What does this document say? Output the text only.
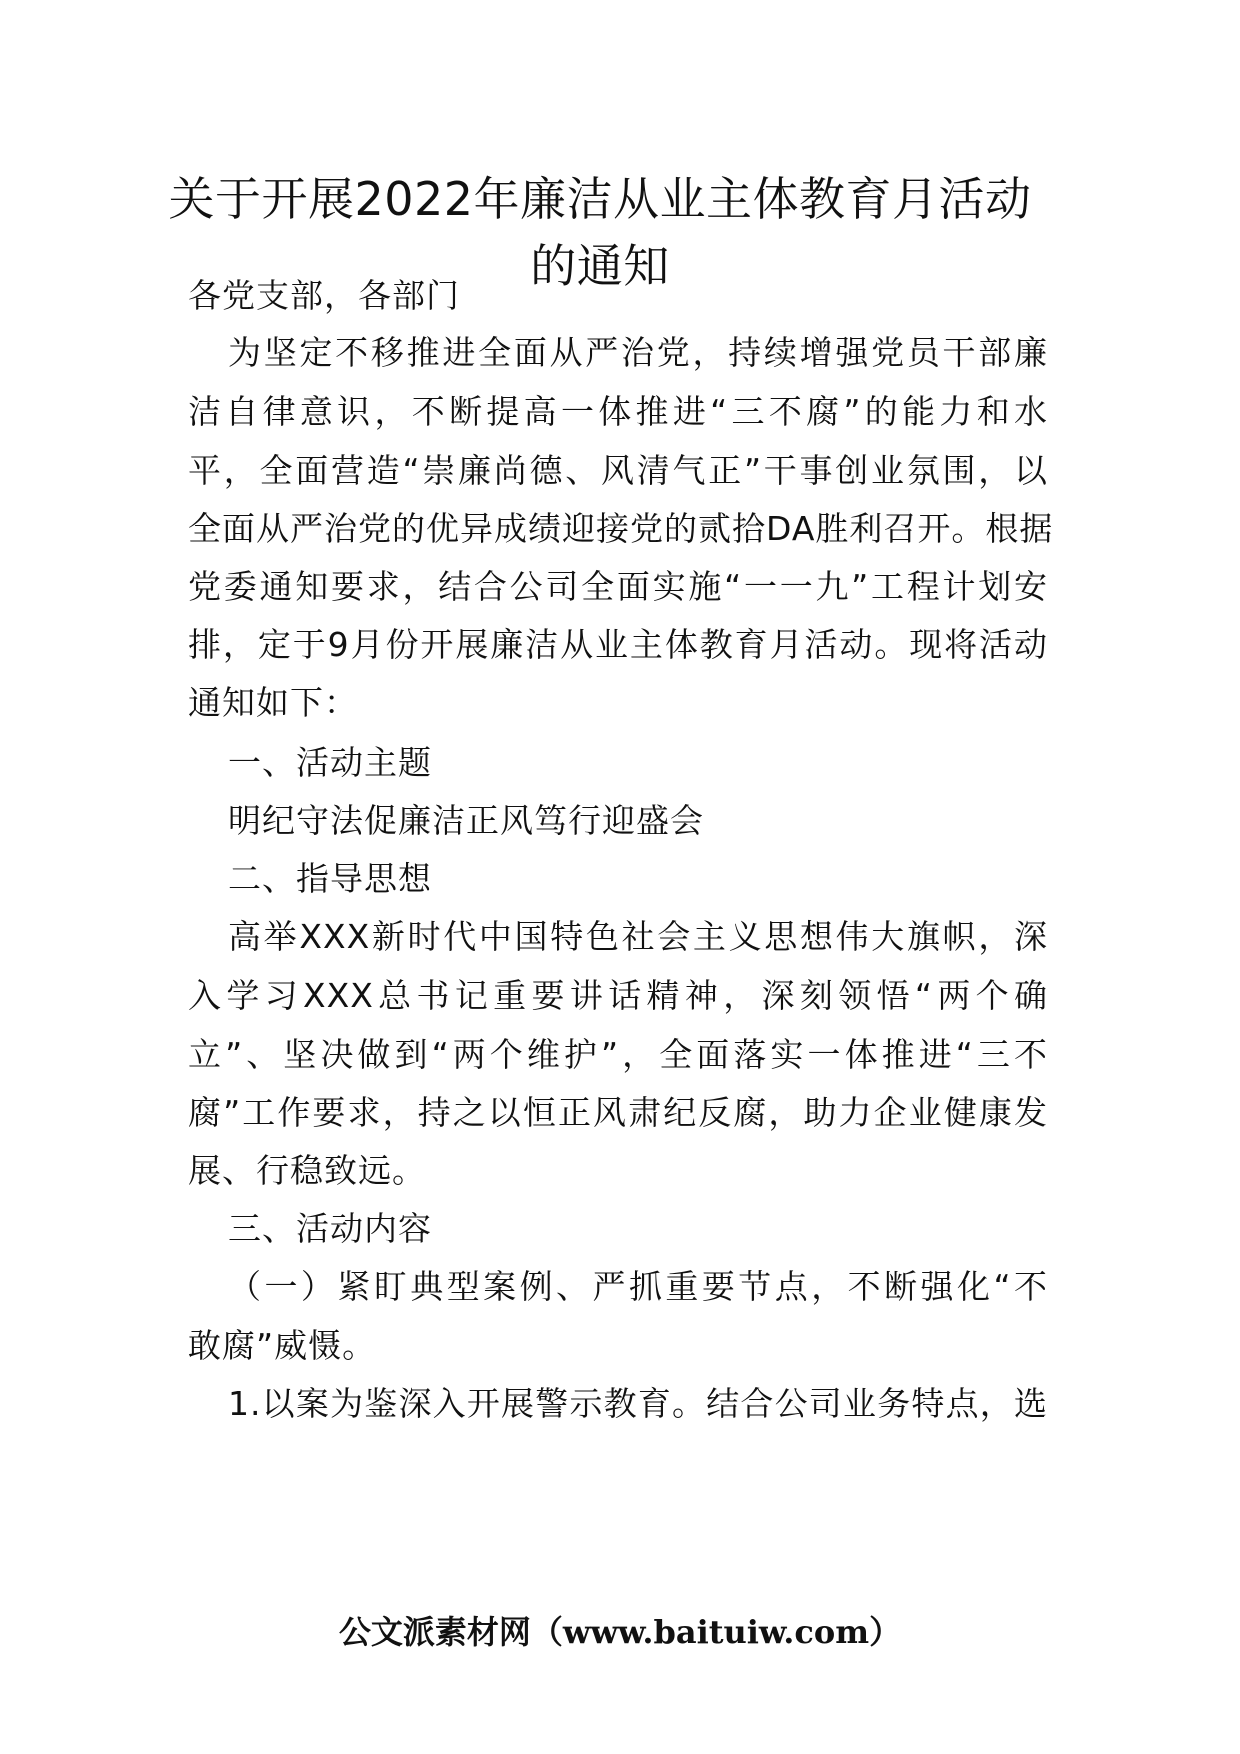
关于开展2022年廉洁从业主体教育月活动
的通知
各党支部，各部门
为坚定不移推进全面从严治党，持续增强党员干部廉
洁自律意识，不断提高一体推进“三不腐”的能力和水
平，全面营造“崇廉尚德、风清气正”干事创业氛围，以
全面从严治党的优异成绩迎接党的贰拾DA胜利召开。根据
党委通知要求，结合公司全面实施“一一九”工程计划安
排，定于9月份开展廉洁从业主体教育月活动。现将活动
通知如下：
一、活动主题
明纪守法促廉洁正风笃行迎盛会
二、指导思想
高举XXX新时代中国特色社会主义思想伟大旗帜，深
入学习XXX总书记重要讲话精神，深刻领悟“两个确
立”、坚决做到“两个维护”，全面落实一体推进“三不
腐”工作要求，持之以恒正风肃纪反腐，助力企业健康发
展、行稳致远。
三、活动内容
（一）紧盯典型案例、严抓重要节点，不断强化“不
敢腐”威慑。
1.以案为鉴深入开展警示教育。结合公司业务特点，选
公文派素材网（www.baituiw.com）
